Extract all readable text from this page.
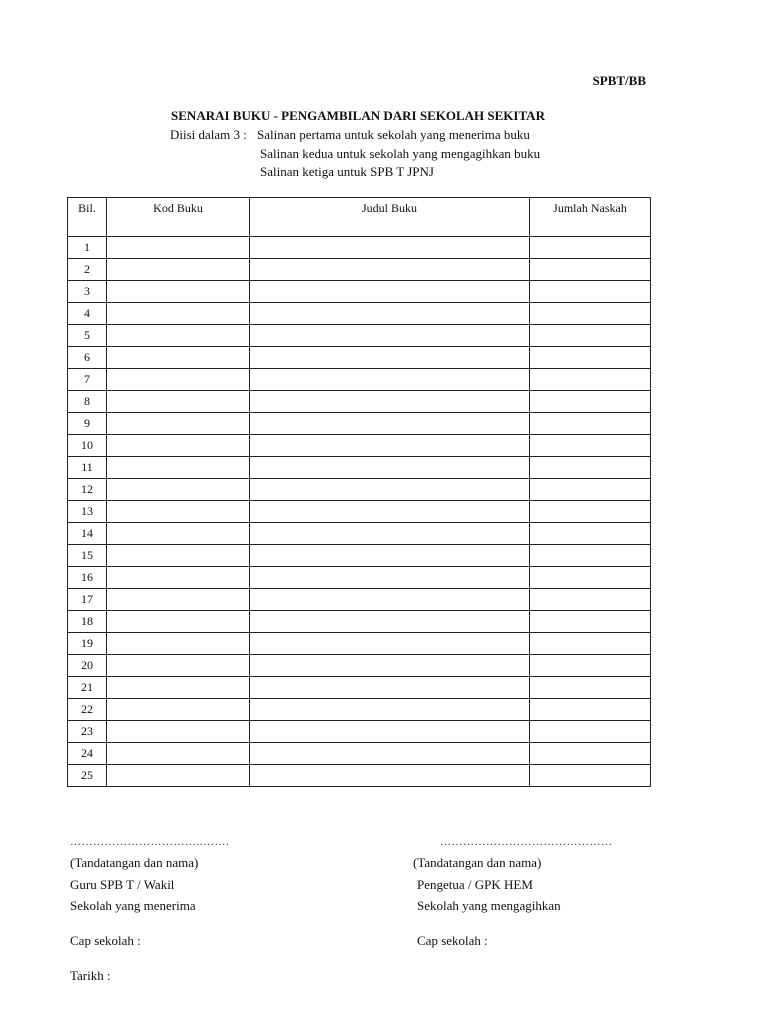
SPBT/BB
SENARAI BUKU - PENGAMBILAN DARI SEKOLAH SEKITAR
Diisi dalam 3 : Salinan pertama untuk sekolah yang menerima buku
Salinan kedua untuk sekolah yang mengagihkan buku
Salinan ketiga untuk SPB T JPNJ
Bil.	Kod Buku	Judul Buku	Jumlah Naskah
1			
2			
3			
4			
5			
6			
7			
8			
9			
10			
11			
12			
13			
14			
15			
16			
17			
18			
19			
20			
21			
22			
23			
24			
25			
……………………………..…….
(Tandatangan dan nama)
Guru SPB T / Wakil
Sekolah yang menerima
Cap sekolah :
Tarikh :
………………………………………
(Tandatangan dan nama)
Pengetua / GPK HEM
Sekolah yang mengagihkan
Cap sekolah :
